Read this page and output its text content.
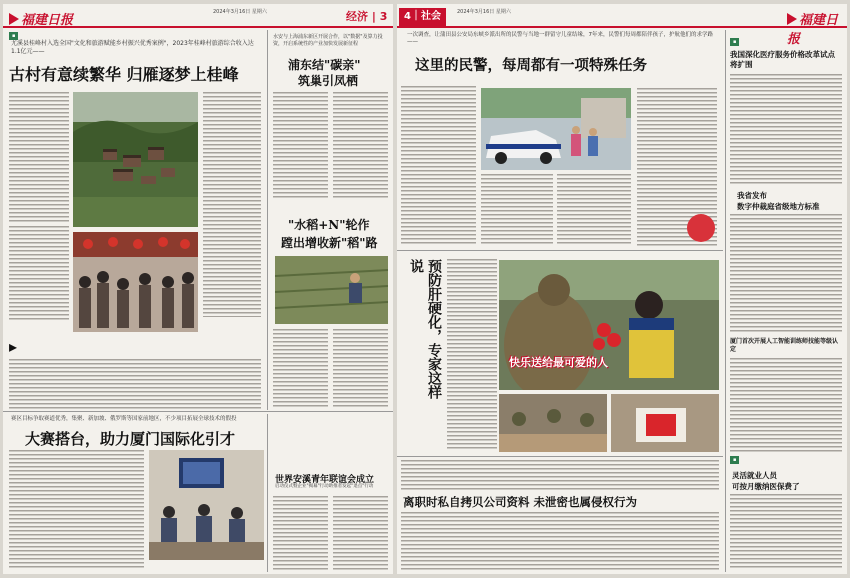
福建日报
2024年3月16日 星期六	经济 | 3
尤溪县桂峰村入选全国"文化和旅游赋能乡村振兴优秀案例"，2023年桂峰村旅游综合收入达1.1亿元——
古村有意续繁华 归雁逐梦上桂峰
▪
▸
水安与上海浦东新区开展合作，以"数据"及算力投资，开启系统性的产业加快发展新征程
浦东结"碳亲"
筑巢引凤栖
"水稻+N"轮作
蹚出增收新"稻"路
赛区目标争取赛道优秀，集聚、新加坡、俄罗斯等国家前地区，不少项目拓展全球技术的假投
大赛搭台，助力厦门国际化引才
世界安溪青年联谊会成立
启动仪式暨企业"揭幕"行动助推者发起"退点"行动
4｜社会	2024年3月16日 星期六
福建日报
一次调查，让蒲田县公安局东峡乡派出所的民警与当地一群留守儿童结缘，7年来，民警们每周都陪伴孩子，护航他们的求学路——
这里的民警，每周都有一项特殊任务
预防肝硬化，专家这样说
快乐送给最可爱的人
离职时私自拷贝公司资料 未泄密也属侵权行为
▪
我国深化医疗服务价格改革试点将扩围
我省发布
数字仲裁庭省级地方标准
厦门首次开展人工智能训练师技能等级认定
▪
灵活就业人员
可按月缴纳医保费了
